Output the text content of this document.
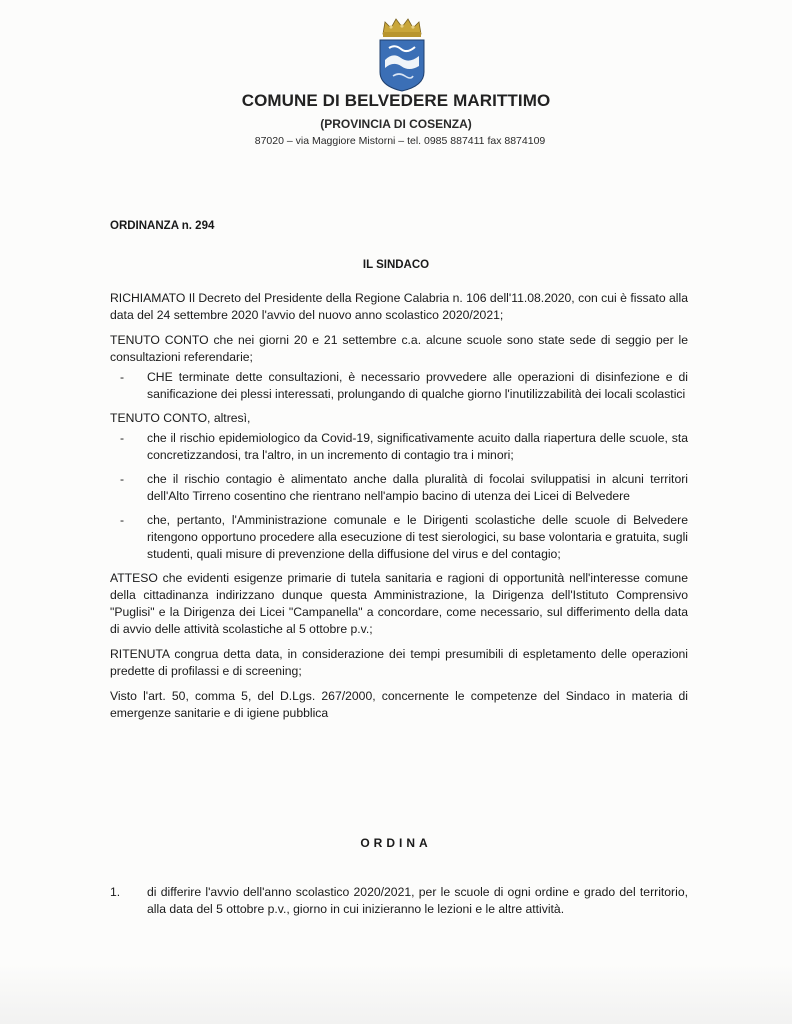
COMUNE DI BELVEDERE MARITTIMO
(PROVINCIA DI COSENZA)
87020 – via Maggiore Mistorni – tel. 0985 887411 fax 8874109
ORDINANZA n. 294
IL SINDACO

RICHIAMATO Il Decreto del Presidente della Regione Calabria n. 106 dell'11.08.2020, con cui è fissato alla data del 24 settembre 2020 l'avvio del nuovo anno scolastico 2020/2021;

TENUTO CONTO che nei giorni 20 e 21 settembre c.a. alcune scuole sono state sede di seggio per le consultazioni referendarie;

-	CHE terminate dette consultazioni, è necessario provvedere alle operazioni di disinfezione e di sanificazione dei plessi interessati, prolungando di qualche giorno l'inutilizzabilità dei locali scolastici

TENUTO CONTO, altresì,

-	che il rischio epidemiologico da Covid-19, significativamente acuito dalla riapertura delle scuole, sta concretizzandosi, tra l'altro, in un incremento di contagio tra i minori;
-	che il rischio contagio è alimentato anche dalla pluralità di focolai sviluppatisi in alcuni territori dell'Alto Tirreno cosentino che rientrano nell'ampio bacino di utenza dei Licei di Belvedere
-	che, pertanto, l'Amministrazione comunale e le Dirigenti scolastiche delle scuole di Belvedere ritengono opportuno procedere alla esecuzione di test sierologici, su base volontaria e gratuita, sugli studenti, quali misure di prevenzione della diffusione del virus e del contagio;

ATTESO che evidenti esigenze primarie di tutela sanitaria e ragioni di opportunità nell'interesse comune della cittadinanza indirizzano dunque questa Amministrazione, la Dirigenza dell'Istituto Comprensivo "Puglisi" e la Dirigenza dei Licei "Campanella" a concordare, come necessario, sul differimento della data di avvio delle attività scolastiche al 5 ottobre p.v.;

RITENUTA congrua detta data, in considerazione dei tempi presumibili di espletamento delle operazioni predette di profilassi e di screening;

Visto l'art. 50, comma 5, del D.Lgs. 267/2000, concernente le competenze del Sindaco in materia di emergenze sanitarie e di igiene pubblica

ORDINA
1. di differire l'avvio dell'anno scolastico 2020/2021, per le scuole di ogni ordine e grado del territorio, alla data del 5 ottobre p.v., giorno in cui inizieranno le lezioni e le altre attività.
